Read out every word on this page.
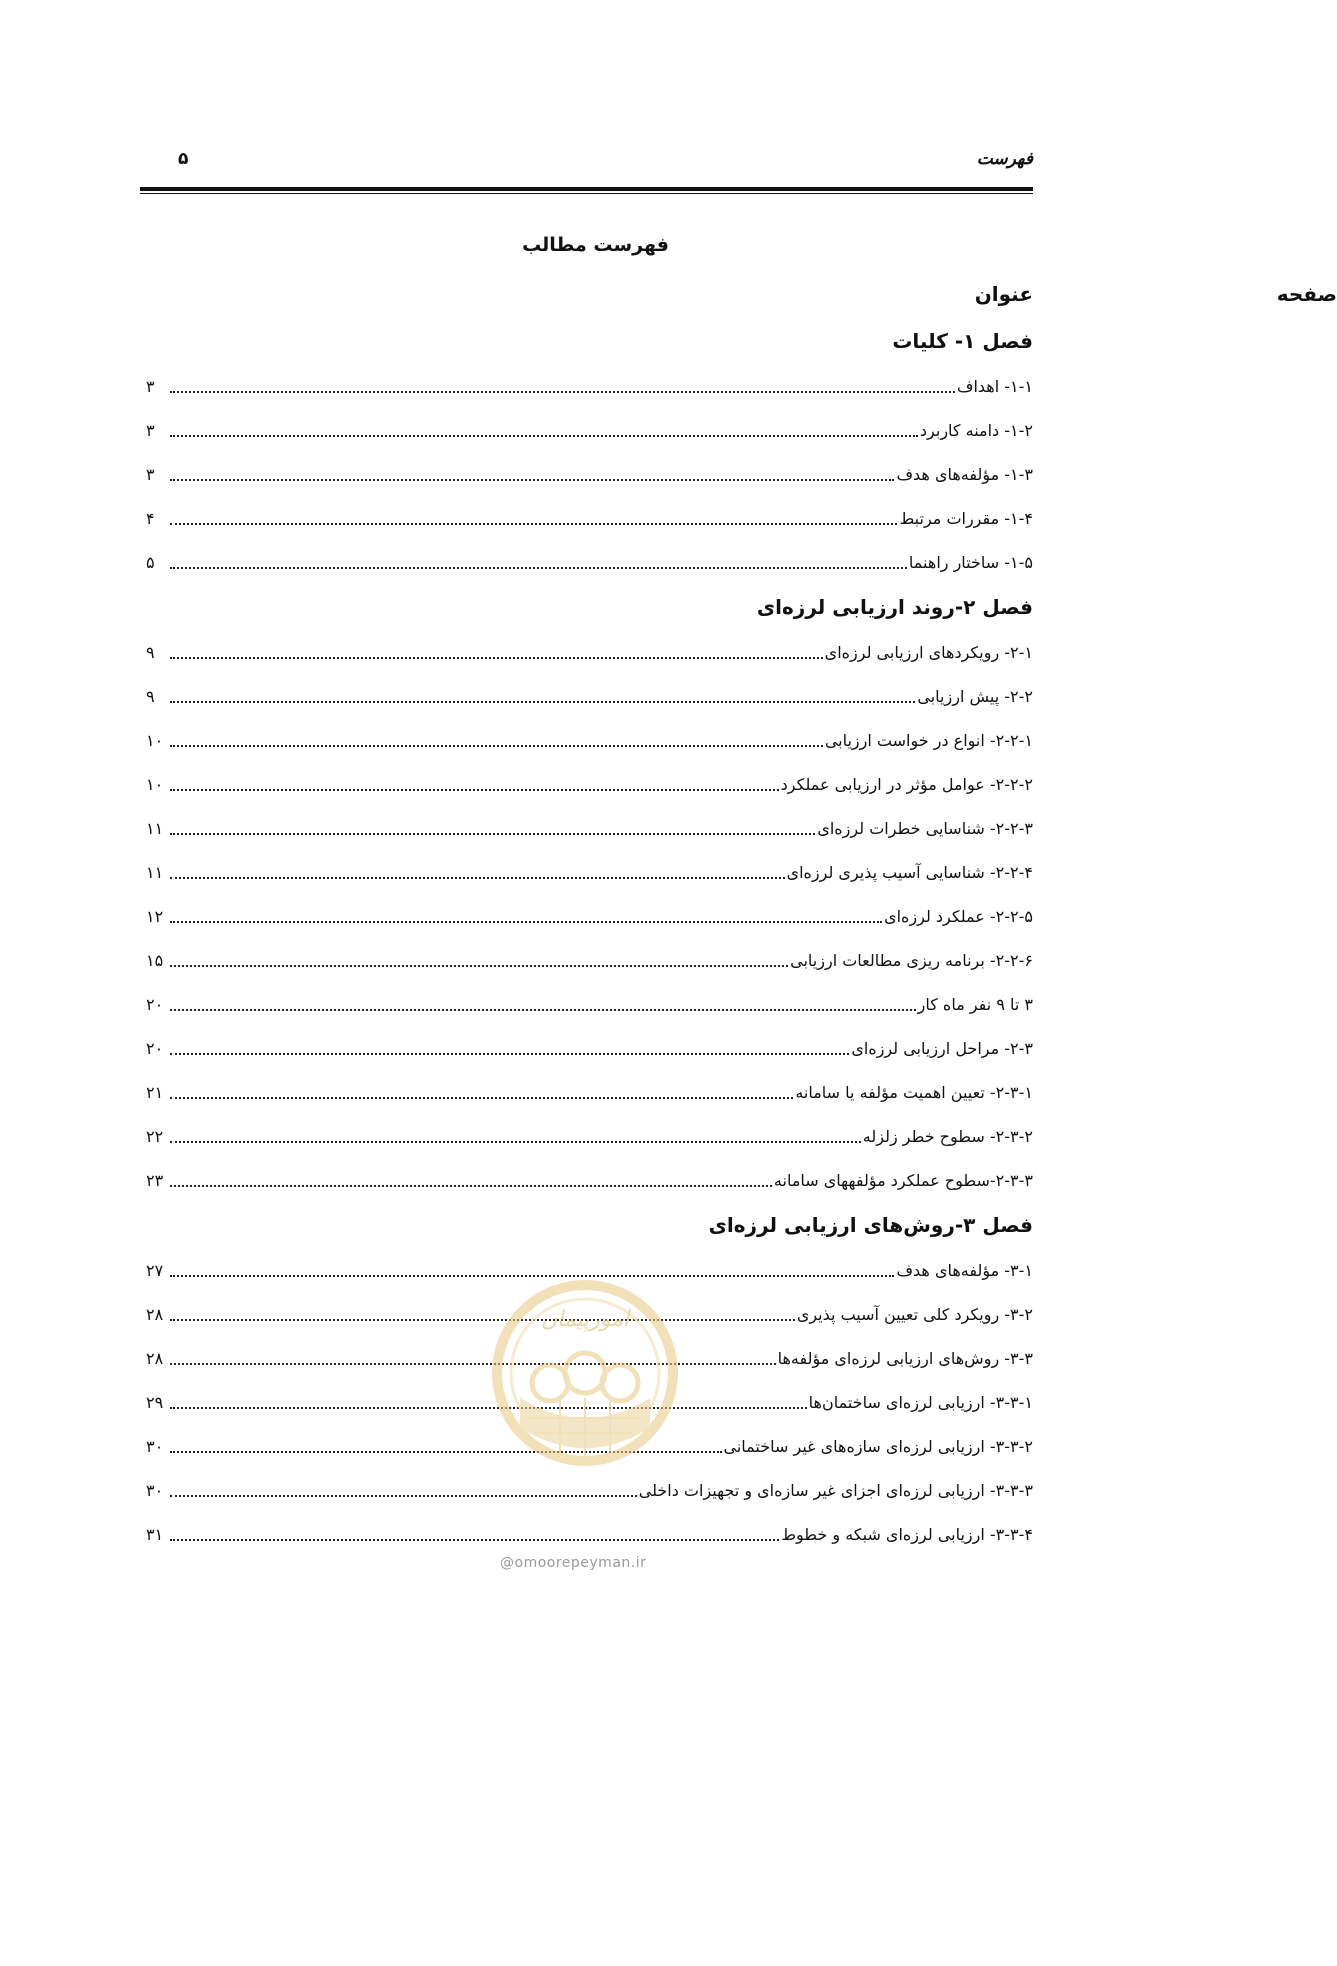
فهرست
۵
فهرست مطالب
عنوان	صفحه
فصل ۱- کلیات
۱-۱- اهداف
۳
۱-۲- دامنه کاربرد
۳
۱-۳- مؤلفه‌های هدف
۳
۱-۴- مقررات مرتبط
۴
۱-۵- ساختار راهنما
۵
فصل ۲-روند ارزیابی لرزه‌ای
۲-۱- رویکردهای ارزیابی لرزه‌ای
۹
۲-۲- پیش ارزیابی
۹
۲-۲-۱- انواع در خواست ارزیابی
۱۰
۲-۲-۲- عوامل مؤثر در ارزیابی عملکرد
۱۰
۲-۲-۳- شناسایی خطرات لرزه‌ای
۱۱
۲-۲-۴- شناسایی آسیب پذیری لرزه‌ای
۱۱
۲-۲-۵- عملکرد لرزه‌ای
۱۲
۲-۲-۶- برنامه ریزی مطالعات ارزیابی
۱۵
۳ تا ۹ نفر ماه کار
۲۰
۲-۳- مراحل ارزیابی لرزه‌ای
۲۰
۲-۳-۱- تعیین اهمیت مؤلفه یا سامانه
۲۱
۲-۳-۲- سطوح خطر زلزله
۲۲
۲-۳-۳-سطوح عملکرد مؤلفههای سامانه
۲۳
فصل ۳-روش‌های ارزیابی لرزه‌ای
۳-۱- مؤلفه‌های هدف
۲۷
۳-۲- رویکرد کلی تعیین آسیب پذیری
۲۸
۳-۳- روش‌های ارزیابی لرزه‌ای مؤلفه‌ها
۲۸
۳-۳-۱- ارزیابی لرزه‌ای ساختمان‌ها
۲۹
۳-۳-۲- ارزیابی لرزه‌ای سازه‌های غیر ساختمانی
۳۰
۳-۳-۳- ارزیابی لرزه‌ای اجزای غیر سازه‌ای و تجهیزات داخلی
۳۰
۳-۳-۴- ارزیابی لرزه‌ای شبکه و خطوط
۳۱
امورپیمان
@omoorepeyman.ir
